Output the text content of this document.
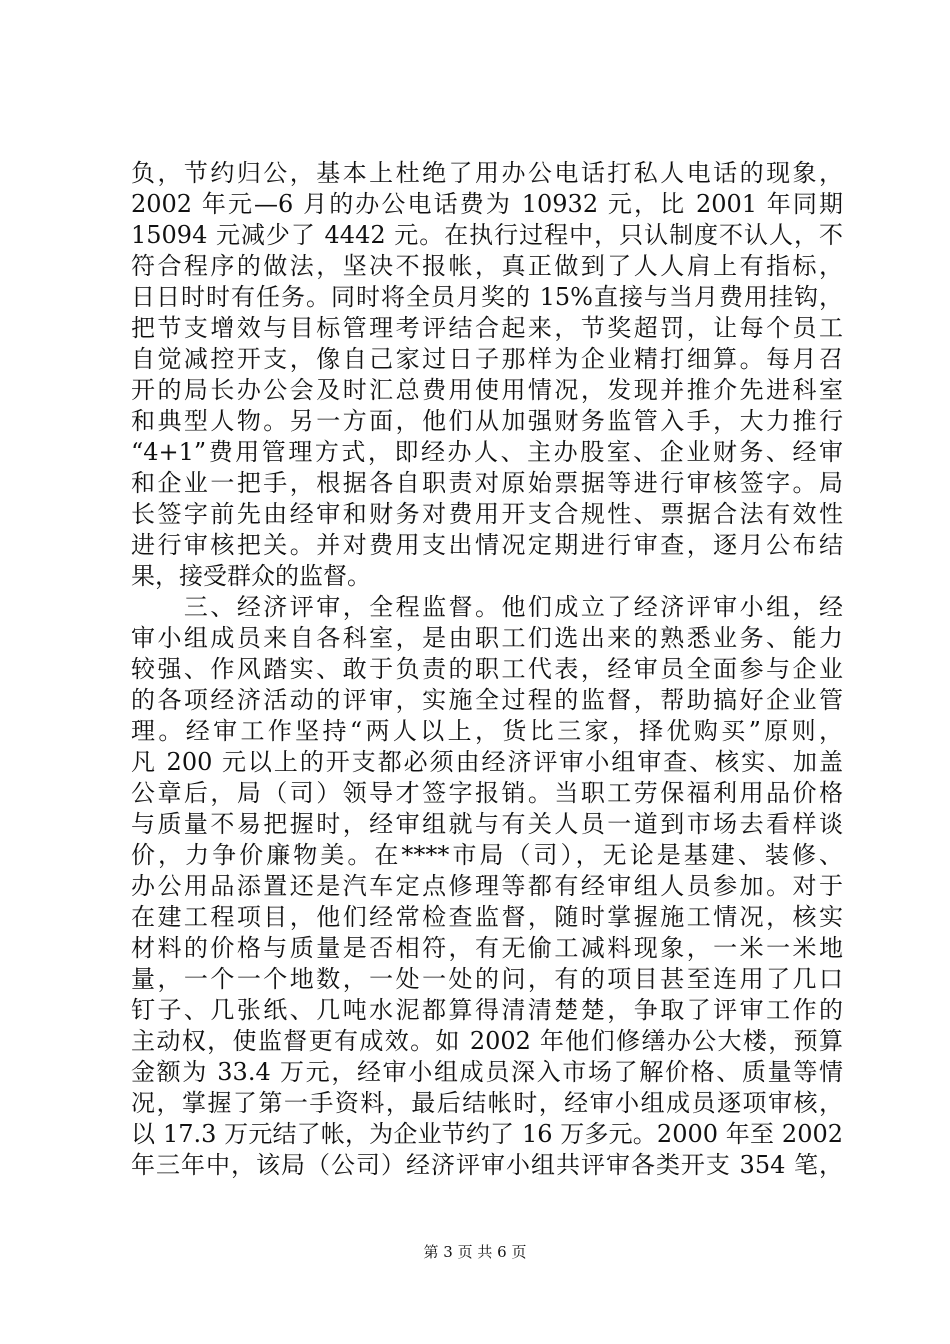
负，节约归公，基本上杜绝了用办公电话打私人电话的现象，
2002 年元—6 月的办公电话费为 10932 元，比 2001 年同期
15094 元减少了 4442 元。在执行过程中，只认制度不认人，不
符合程序的做法，坚决不报帐，真正做到了人人肩上有指标，
日日时时有任务。同时将全员月奖的 15%直接与当月费用挂钩，
把节支增效与目标管理考评结合起来，节奖超罚，让每个员工
自觉减控开支，像自己家过日子那样为企业精打细算。每月召
开的局长办公会及时汇总费用使用情况，发现并推介先进科室
和典型人物。另一方面，他们从加强财务监管入手，大力推行
“4+1”费用管理方式，即经办人、主办股室、企业财务、经审
和企业一把手，根据各自职责对原始票据等进行审核签字。局
长签字前先由经审和财务对费用开支合规性、票据合法有效性
进行审核把关。并对费用支出情况定期进行审查，逐月公布结
果，接受群众的监督。
　　三、经济评审，全程监督。他们成立了经济评审小组，经
审小组成员来自各科室，是由职工们选出来的熟悉业务、能力
较强、作风踏实、敢于负责的职工代表，经审员全面参与企业
的各项经济活动的评审，实施全过程的监督，帮助搞好企业管
理。经审工作坚持“两人以上，货比三家，择优购买”原则，
凡 200 元以上的开支都必须由经济评审小组审查、核实、加盖
公章后，局（司）领导才签字报销。当职工劳保福利用品价格
与质量不易把握时，经审组就与有关人员一道到市场去看样谈
价，力争价廉物美。在****市局（司），无论是基建、装修、
办公用品添置还是汽车定点修理等都有经审组人员参加。对于
在建工程项目，他们经常检查监督，随时掌握施工情况，核实
材料的价格与质量是否相符，有无偷工减料现象，一米一米地
量，一个一个地数，一处一处的问，有的项目甚至连用了几口
钉子、几张纸、几吨水泥都算得清清楚楚，争取了评审工作的
主动权，使监督更有成效。如 2002 年他们修缮办公大楼，预算
金额为 33.4 万元，经审小组成员深入市场了解价格、质量等情
况，掌握了第一手资料，最后结帐时，经审小组成员逐项审核，
以 17.3 万元结了帐，为企业节约了 16 万多元。2000 年至 2002
年三年中，该局（公司）经济评审小组共评审各类开支 354 笔，
第 3 页 共 6 页
